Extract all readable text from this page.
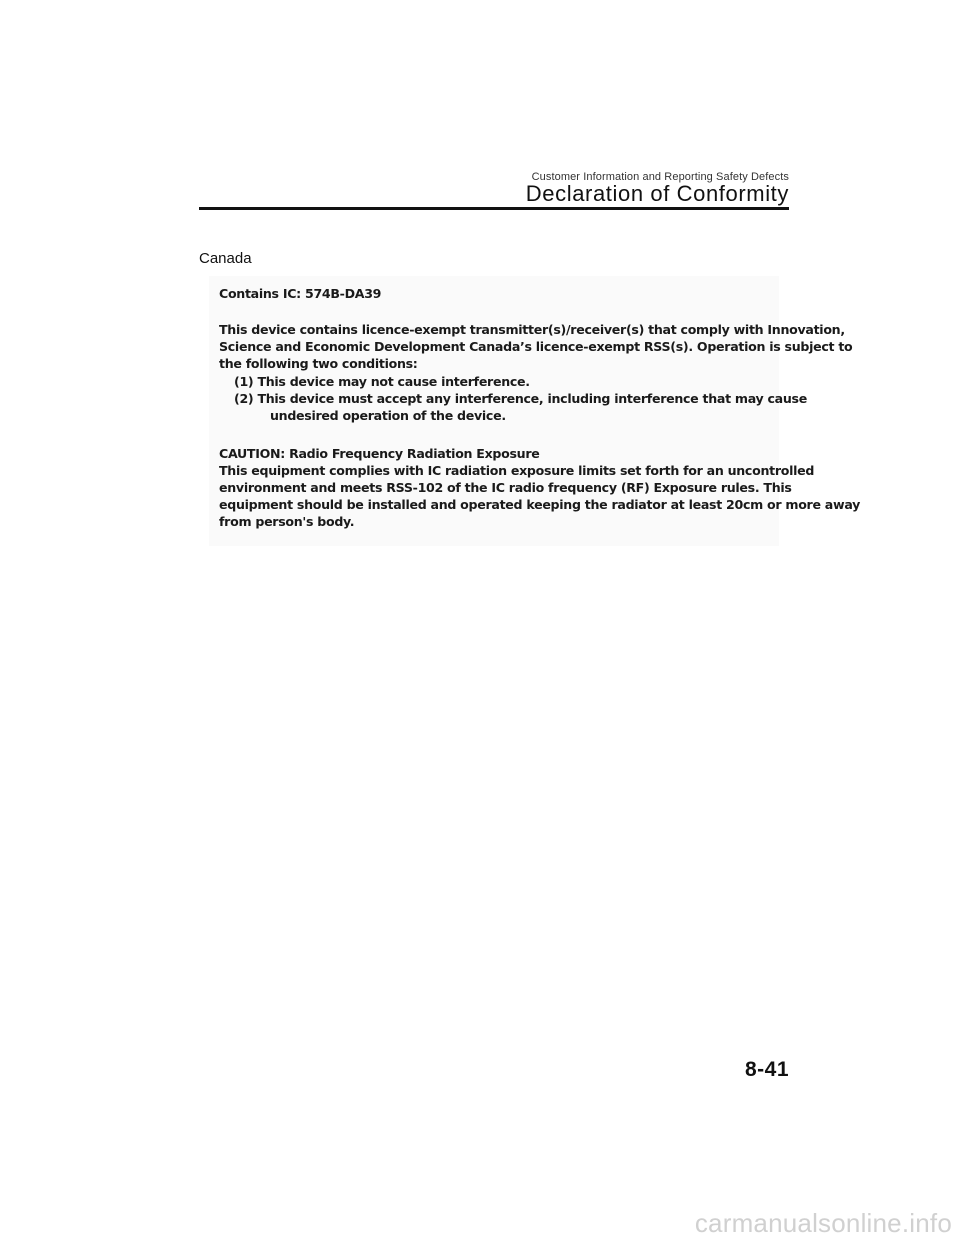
Customer Information and Reporting Safety Defects
Declaration of Conformity
Canada
Contains IC: 574B-DA39
This device contains licence-exempt transmitter(s)/receiver(s) that comply with Innovation,
Science and Economic Development Canada’s licence-exempt RSS(s). Operation is subject to
the following two conditions:
(1) This device may not cause interference.
(2) This device must accept any interference, including interference that may cause
undesired operation of the device.
CAUTION: Radio Frequency Radiation Exposure
This equipment complies with IC radiation exposure limits set forth for an uncontrolled
environment and meets RSS-102 of the IC radio frequency (RF) Exposure rules. This
equipment should be installed and operated keeping the radiator at least 20cm or more away
from person's body.
8-41
carmanualsonline.info
